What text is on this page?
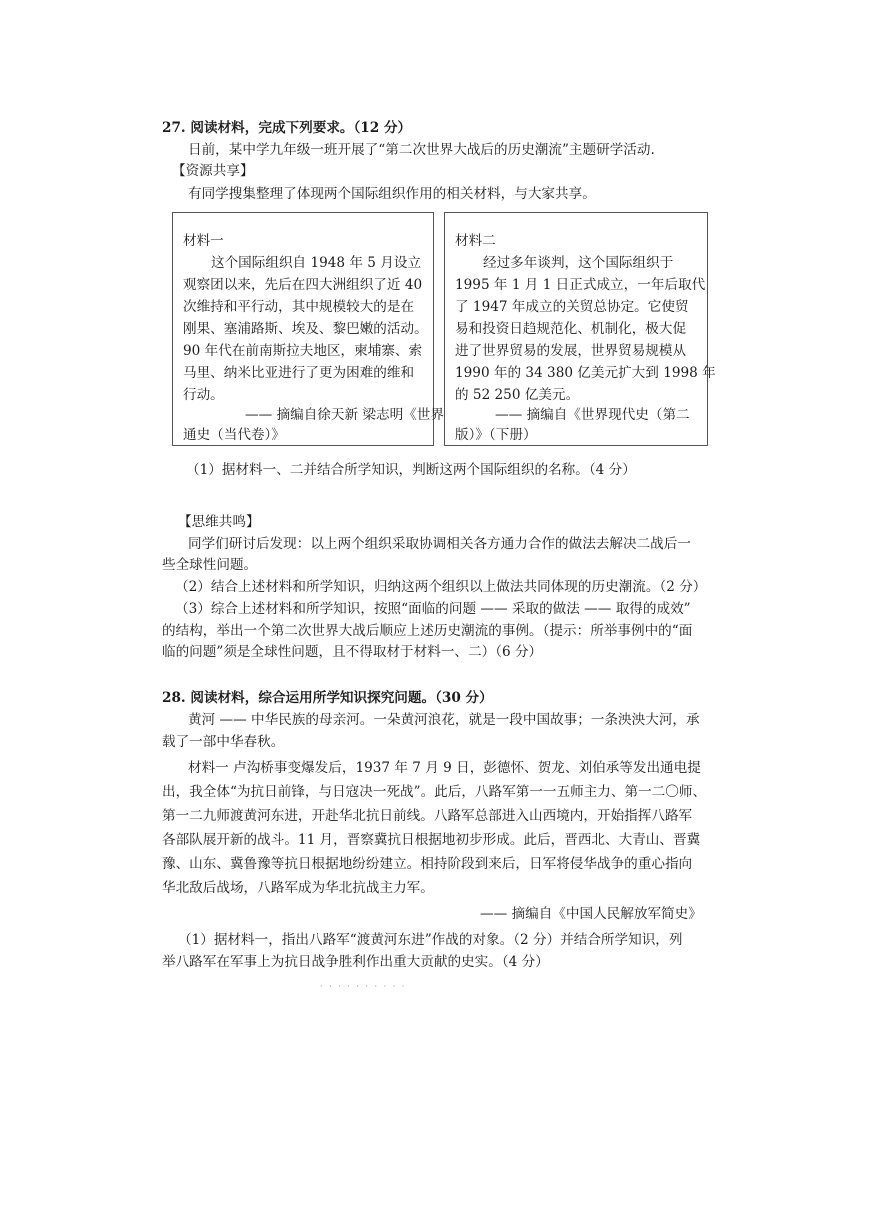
27. 阅读材料，完成下列要求。（12 分）
日前，某中学九年级一班开展了“第二次世界大战后的历史潮流”主题研学活动.
【资源共享】
有同学搜集整理了体现两个国际组织作用的相关材料，与大家共享。
材料一
这个国际组织自 1948 年 5 月设立
观察团以来，先后在四大洲组织了近 40
次维持和平行动，其中规模较大的是在
刚果、塞浦路斯、埃及、黎巴嫩的活动。
90 年代在前南斯拉夫地区，柬埔寨、索
马里、纳米比亚进行了更为困难的维和
行动。
—— 摘编自徐天新 梁志明《世界
通史（当代卷）》
材料二
经过多年谈判，这个国际组织于
1995 年 1 月 1 日正式成立，一年后取代
了 1947 年成立的关贸总协定。它使贸
易和投资日趋规范化、机制化，极大促
进了世界贸易的发展，世界贸易规模从
1990 年的 34 380 亿美元扩大到 1998 年
的 52 250 亿美元。
—— 摘编自《世界现代史（第二
版）》（下册）
（1）据材料一、二并结合所学知识，判断这两个国际组织的名称。（4 分）
【思维共鸣】
同学们研讨后发现：以上两个组织采取协调相关各方通力合作的做法去解决二战后一
些全球性问题。
（2）结合上述材料和所学知识，归纳这两个组织以上做法共同体现的历史潮流。（2 分）
（3）综合上述材料和所学知识，按照“面临的问题 —— 采取的做法 —— 取得的成效”
的结构，举出一个第二次世界大战后顺应上述历史潮流的事例。（提示：所举事例中的“面
临的问题”须是全球性问题，且不得取材于材料一、二）（6 分）
28. 阅读材料，综合运用所学知识探究问题。（30 分）
黄河 —— 中华民族的母亲河。一朵黄河浪花，就是一段中国故事；一条泱泱大河，承
载了一部中华春秋。
材料一 卢沟桥事变爆发后，1937 年 7 月 9 日，彭德怀、贺龙、刘伯承等发出通电提
出，我全体“为抗日前锋，与日寇决一死战”。此后，八路军第一一五师主力、第一二〇师、
第一二九师渡黄河东进，开赴华北抗日前线。八路军总部进入山西境内，开始指挥八路军
各部队展开新的战斗。11 月，晋察冀抗日根据地初步形成。此后，晋西北、大青山、晋冀
豫、山东、冀鲁豫等抗日根据地纷纷建立。相持阶段到来后，日军将侵华战争的重心指向
华北敌后战场，八路军成为华北抗战主力军。
—— 摘编自《中国人民解放军简史》
（1）据材料一，指出八路军“渡黄河东进”作战的对象。（2 分）并结合所学知识，列
举八路军在军事上为抗日战争胜利作出重大贡献的史实。（4 分）
· · · · · · · · · ·
